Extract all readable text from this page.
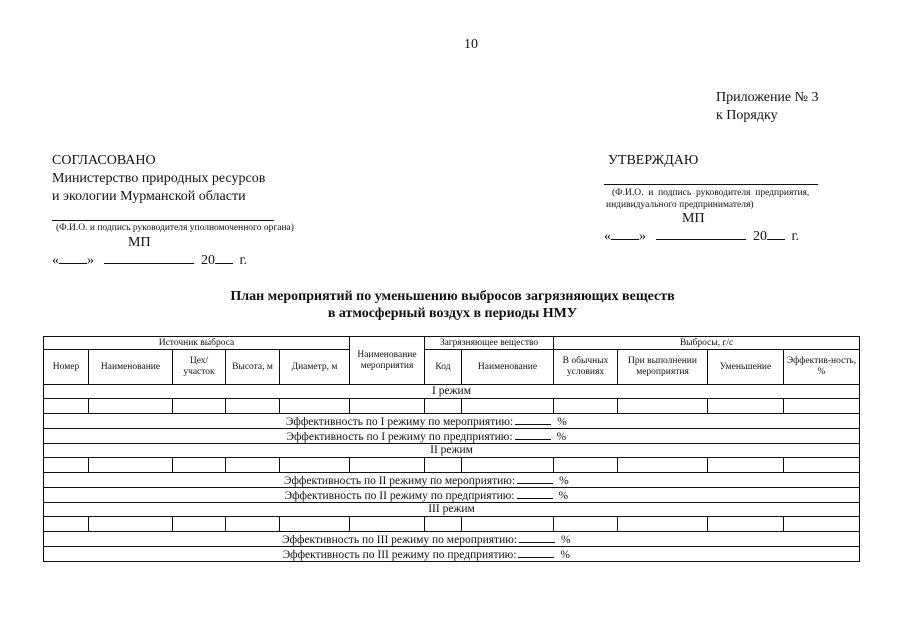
10
Приложение № 3
к Порядку
СОГЛАСОВАНО
Министерство природных ресурсов
и экологии Мурманской области
(Ф.И.О. и подпись руководителя уполномоченного органа)
МП
« »	20 г.
УТВЕРЖДАЮ
(Ф.И.О.  и  подпись  руководителя  предприятия,
индивидуального предпринимателя)
МП
« »	20 г.
План мероприятий по уменьшению выбросов загрязняющих веществ
в атмосферный воздух в периоды НМУ
Источник выброса					Наименование мероприятия	Загрязняющее вещество		Выбросы, г/с			
Номер	Наименование	Цех/ участок	Высота, м	Диаметр, м		Код	Наименование	В обычных условиях	При выполнении мероприятия	Уменьшение	Эффектив-ность, %
I режим											

Эффективность по I режиму по мероприятию: %											
Эффективность по I режиму по предприятию: %											
II режим											

Эффективность по II режиму по мероприятию: %											
Эффективность по II режиму по предприятию: %											
III режим											

Эффективность по III режиму по мероприятию: %											
Эффективность по III режиму по предприятию: %											
